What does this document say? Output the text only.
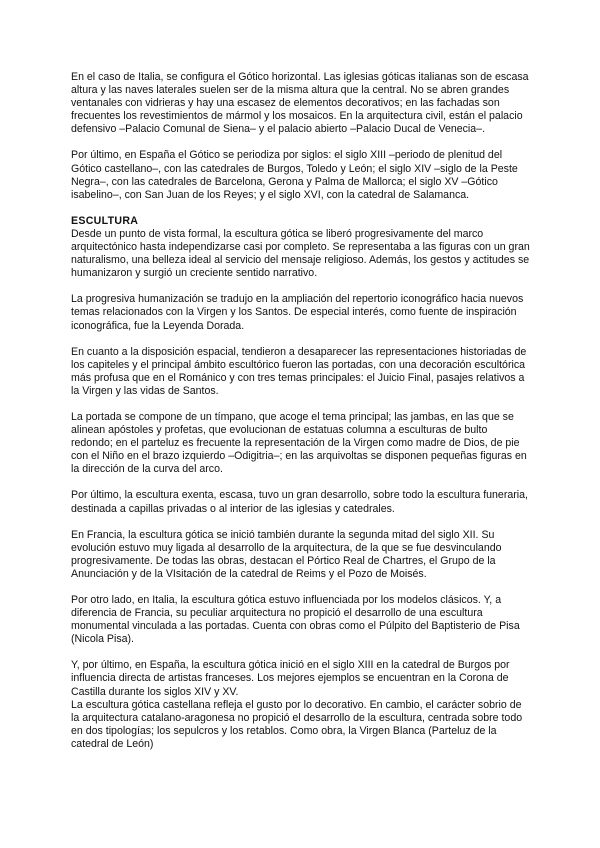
En el caso de Italia, se configura el Gótico horizontal. Las iglesias góticas italianas son de escasa altura y las naves laterales suelen ser de la misma altura que la central. No se abren grandes ventanales con vidrieras y hay una escasez de elementos decorativos; en las fachadas son frecuentes los revestimientos de mármol y los mosaicos. En la arquitectura civil, están el palacio defensivo –Palacio Comunal de Siena– y el palacio abierto –Palacio Ducal de Venecia–.

Por último, en España el Gótico se periodiza por siglos: el siglo XIII –periodo de plenitud del Gótico castellano–, con las catedrales de Burgos, Toledo y León; el siglo XIV –siglo de la Peste Negra–, con las catedrales de Barcelona, Gerona y Palma de Mallorca; el siglo XV –Gótico isabelino–, con San Juan de los Reyes; y el siglo XVI, con la catedral de Salamanca.

ESCULTURA

Desde un punto de vista formal, la escultura gótica se liberó progresivamente del marco arquitectónico hasta independizarse casi por completo. Se representaba a las figuras con un gran naturalismo, una belleza ideal al servicio del mensaje religioso. Además, los gestos y actitudes se humanizaron y surgió un creciente sentido narrativo.

La progresiva humanización se tradujo en la ampliación del repertorio iconográfico hacia nuevos temas relacionados con la Virgen y los Santos. De especial interés, como fuente de inspiración iconográfica, fue la Leyenda Dorada.

En cuanto a la disposición espacial, tendieron a desaparecer las representaciones historiadas de los capiteles y el principal ámbito escultórico fueron las portadas, con una decoración escultórica más profusa que en el Románico y con tres temas principales: el Juicio Final, pasajes relativos a la Virgen y las vidas de Santos.

La portada se compone de un tímpano, que acoge el tema principal; las jambas, en las que se alinean apóstoles y profetas, que evolucionan de estatuas columna a esculturas de bulto redondo; en el parteluz es frecuente la representación de la Virgen como madre de Dios, de pie con el Niño en el brazo izquierdo –Odigitria–; en las arquivoltas se disponen pequeñas figuras en la dirección de la curva del arco.

Por último, la escultura exenta, escasa, tuvo un gran desarrollo, sobre todo la escultura funeraria, destinada a capillas privadas o al interior de las iglesias y catedrales.

En Francia, la escultura gótica se inició también durante la segunda mitad del siglo XII. Su evolución estuvo muy ligada al desarrollo de la arquitectura, de la que se fue desvinculando progresivamente. De todas las obras, destacan el Pórtico Real de Chartres, el Grupo de la Anunciación y de la VIsitación de la catedral de Reims y el Pozo de Moisés.

Por otro lado, en Italia, la escultura gótica estuvo influenciada por los modelos clásicos. Y, a diferencia de Francia, su peculiar arquitectura no propició el desarrollo de una escultura monumental vinculada a las portadas. Cuenta con obras como el Púlpito del Baptisterio de Pisa (Nicola Pisa).

Y, por último, en España, la escultura gótica inició en el siglo XIII en la catedral de Burgos por influencia directa de artistas franceses. Los mejores ejemplos se encuentran en la Corona de Castilla durante los siglos XIV y XV.

La escultura gótica castellana refleja el gusto por lo decorativo. En cambio, el carácter sobrio de la arquitectura catalano-aragonesa no propició el desarrollo de la escultura, centrada sobre todo en dos tipologías; los sepulcros y los retablos. Como obra, la Virgen Blanca (Parteluz de la catedral de León)
